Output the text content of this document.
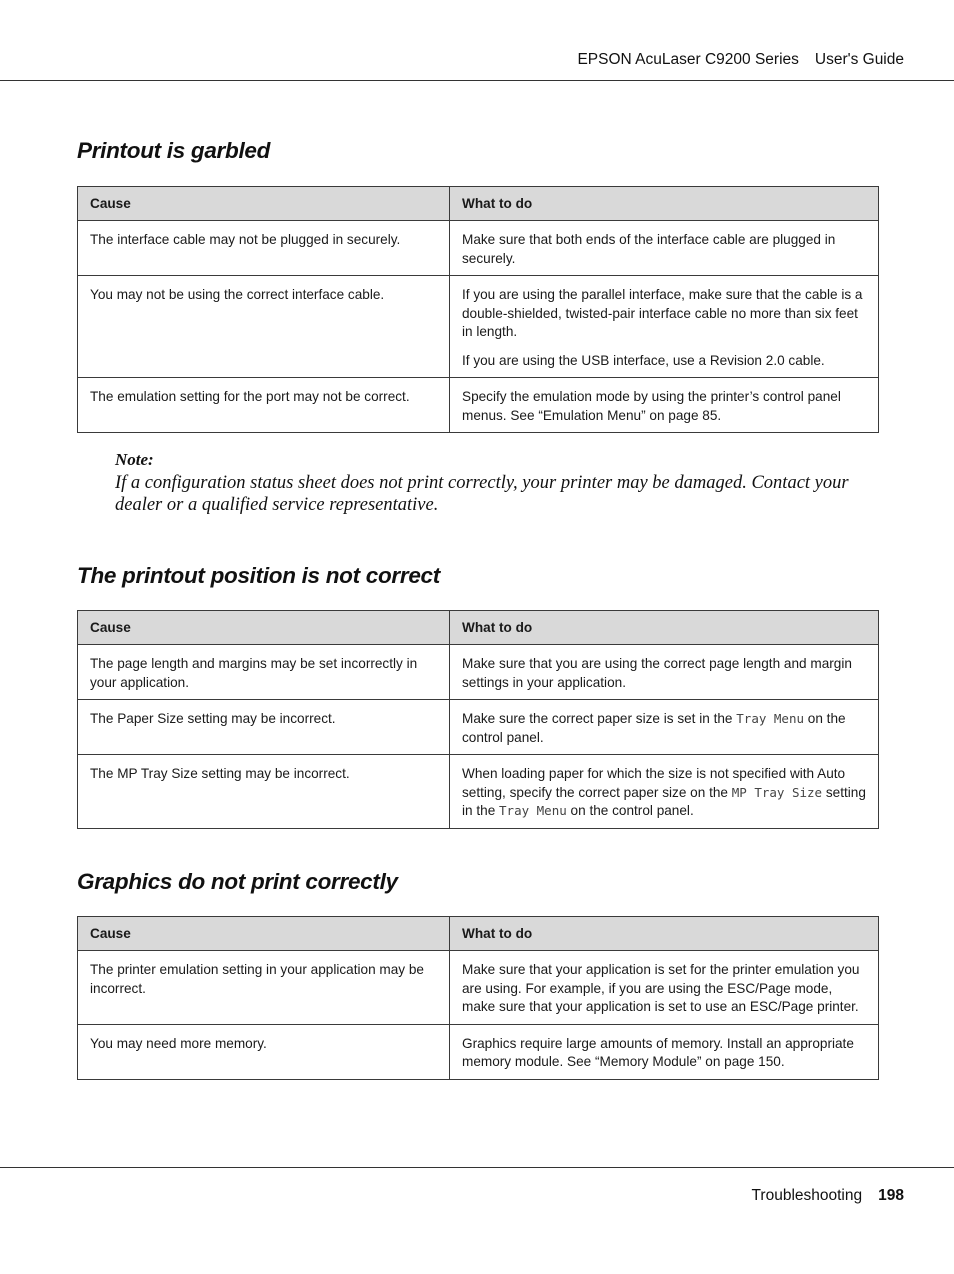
EPSON AcuLaser C9200 Series User's Guide
Printout is garbled
Cause	What to do
The interface cable may not be plugged in securely.	Make sure that both ends of the interface cable are plugged in securely.
You may not be using the correct interface cable.	If you are using the parallel interface, make sure that the cable is a double-shielded, twisted-pair interface cable no more than six feet in length.

If you are using the USB interface, use a Revision 2.0 cable.

The emulation setting for the port may not be correct.	Specify the emulation mode by using the printer’s control panel menus. See “Emulation Menu” on page 85.
Note:
If a configuration status sheet does not print correctly, your printer may be damaged. Contact your dealer or a qualified service representative.
The printout position is not correct
Cause	What to do
The page length and margins may be set incorrectly in your application.	Make sure that you are using the correct page length and margin settings in your application.
The Paper Size setting may be incorrect.	Make sure the correct paper size is set in the Tray Menu on the control panel.
The MP Tray Size setting may be incorrect.	When loading paper for which the size is not specified with Auto setting, specify the correct paper size on the MP Tray Size setting in the Tray Menu on the control panel.
Graphics do not print correctly
Cause	What to do
The printer emulation setting in your application may be incorrect.	Make sure that your application is set for the printer emulation you are using. For example, if you are using the ESC/Page mode, make sure that your application is set to use an ESC/Page printer.
You may need more memory.	Graphics require large amounts of memory. Install an appropriate memory module. See “Memory Module” on page 150.
Troubleshooting 198
